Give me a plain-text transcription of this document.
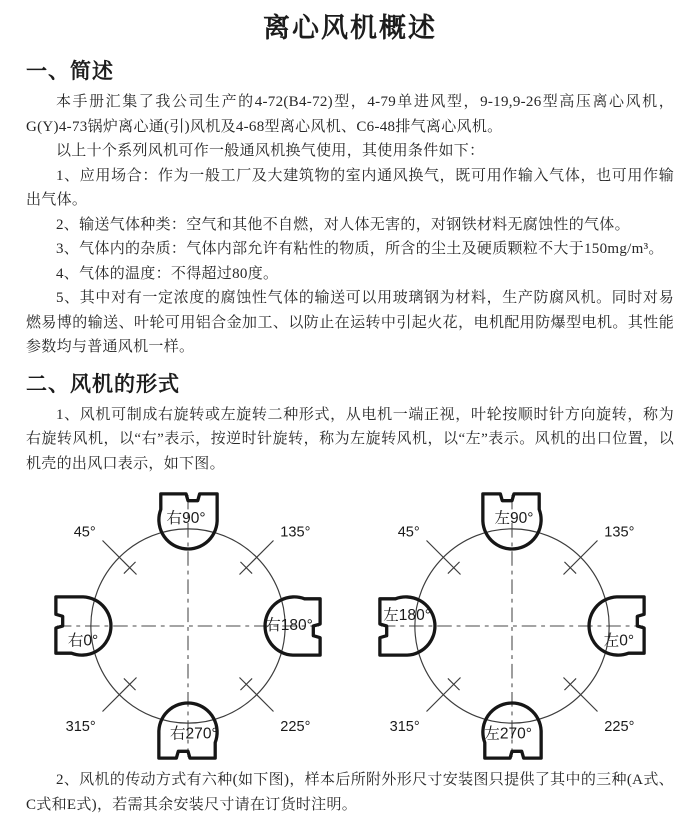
离心风机概述
一、简述

本手册汇集了我公司生产的4-72(B4-72)型，4-79单进风型，9-19,9-26型高压离心风机，G(Y)4-73锅炉离心通(引)风机及4-68型离心风机、C6-48排气离心风机。

以上十个系列风机可作一般通风机换气使用，其使用条件如下：

1、应用场合：作为一般工厂及大建筑物的室内通风换气，既可用作输入气体，也可用作输出气体。

2、输送气体种类：空气和其他不自燃，对人体无害的，对钢铁材料无腐蚀性的气体。

3、气体内的杂质：气体内部允许有粘性的物质，所含的尘土及硬质颗粒不大于150mg/m³。

4、气体的温度：不得超过80度。

5、其中对有一定浓度的腐蚀性气体的输送可以用玻璃钢为材料，生产防腐风机。同时对易燃易博的输送、叶轮可用铝合金加工、以防止在运转中引起火花，电机配用防爆型电机。其性能参数均与普通风机一样。

二、风机的形式

1、风机可制成右旋转或左旋转二种形式，从电机一端正视，叶轮按顺时针方向旋转，称为右旋转风机，以“右”表示，按逆时针旋转，称为左旋转风机，以“左”表示。风机的出口位置，以机壳的出风口表示，如下图。

45°	135°
315°	225°
右90°
右180°
右270°
右0°
45°	135°
315°	225°
左90°
左0°
左270°
左180°

2、风机的传动方式有六种(如下图)，样本后所附外形尺寸安装图只提供了其中的三种(A式、C式和E式)，若需其余安装尺寸请在订货时注明。
